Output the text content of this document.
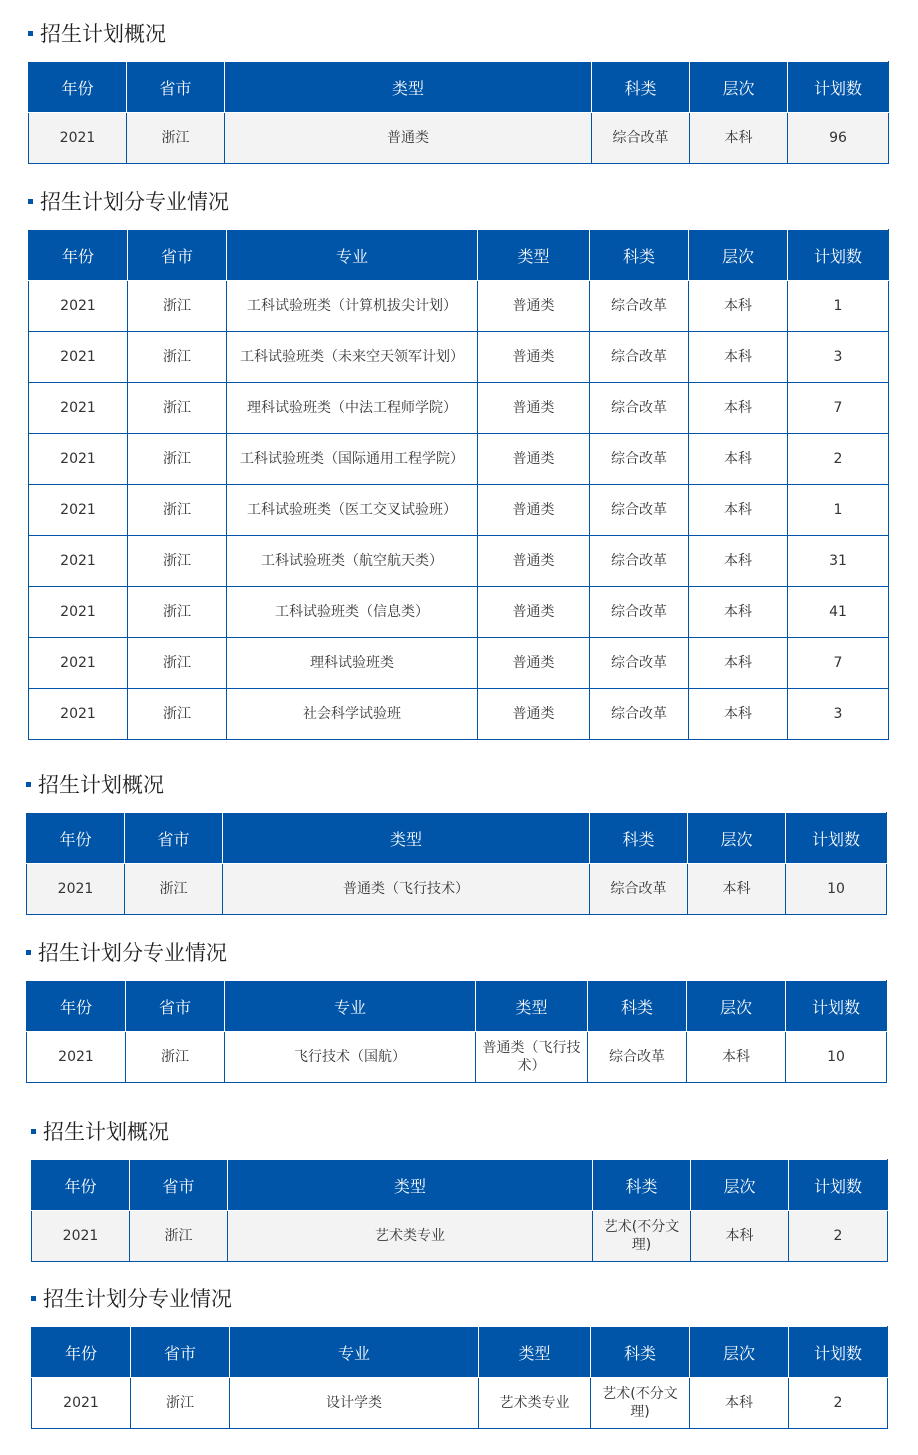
招生计划概况
年份	省市	类型	科类	层次	计划数
2021	浙江	普通类	综合改革	本科	96
招生计划分专业情况
年份	省市	专业	类型	科类	层次	计划数
2021	浙江	工科试验班类（计算机拔尖计划）	普通类	综合改革	本科	1
2021	浙江	工科试验班类（未来空天领军计划）	普通类	综合改革	本科	3
2021	浙江	理科试验班类（中法工程师学院）	普通类	综合改革	本科	7
2021	浙江	工科试验班类（国际通用工程学院）	普通类	综合改革	本科	2
2021	浙江	工科试验班类（医工交叉试验班）	普通类	综合改革	本科	1
2021	浙江	工科试验班类（航空航天类）	普通类	综合改革	本科	31
2021	浙江	工科试验班类（信息类）	普通类	综合改革	本科	41
2021	浙江	理科试验班类	普通类	综合改革	本科	7
2021	浙江	社会科学试验班	普通类	综合改革	本科	3
招生计划概况
年份	省市	类型	科类	层次	计划数
2021	浙江	普通类（飞行技术）	综合改革	本科	10
招生计划分专业情况
年份	省市	专业	类型	科类	层次	计划数
2021	浙江	飞行技术（国航）	普通类（飞行技术）	综合改革	本科	10
招生计划概况
年份	省市	类型	科类	层次	计划数
2021	浙江	艺术类专业	艺术(不分文理)	本科	2
招生计划分专业情况
年份	省市	专业	类型	科类	层次	计划数
2021	浙江	设计学类	艺术类专业	艺术(不分文理)	本科	2
